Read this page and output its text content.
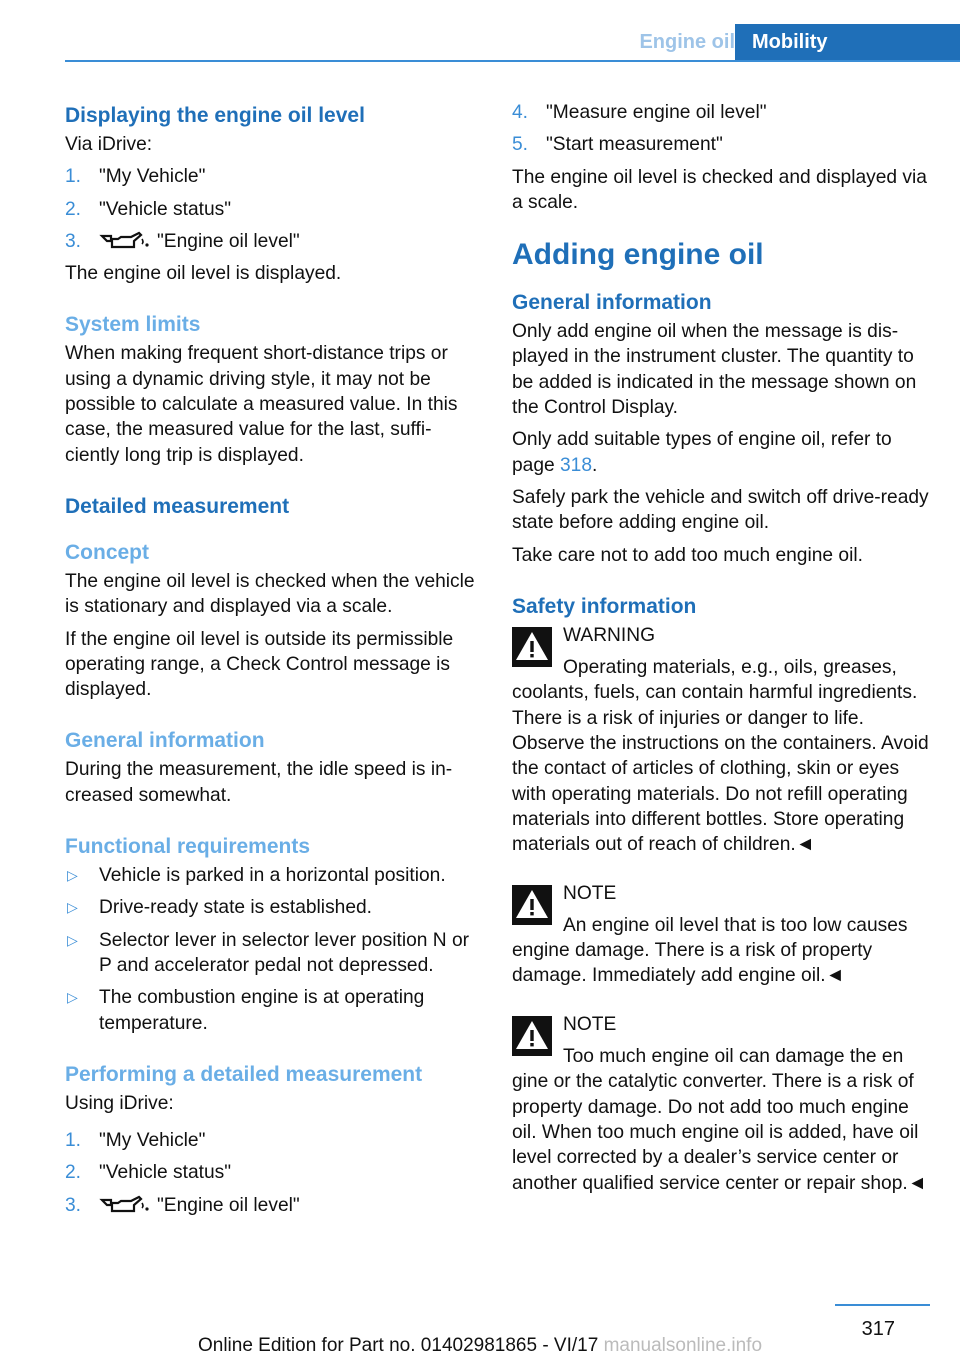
Engine oil Mobility
Displaying the engine oil level
Via iDrive:
1. "My Vehicle"
2. "Vehicle status"
3.	"Engine oil level"
The engine oil level is displayed.
System limits
When making frequent short-distance trips or using a dynamic driving style, it may not be possible to calculate a measured value. In this case, the measured value for the last, sufficiently long trip is displayed.
Detailed measurement
Concept
The engine oil level is checked when the vehicle is stationary and displayed via a scale.
If the engine oil level is outside its permissible operating range, a Check Control message is displayed.
General information
During the measurement, the idle speed is increased somewhat.
Functional requirements
▷ Vehicle is parked in a horizontal position.
▷ Drive-ready state is established.
▷ Selector lever in selector lever position N or P and accelerator pedal not depressed.
▷ The combustion engine is at operating temperature.
Performing a detailed measurement
Using iDrive:
1. "My Vehicle"
2. "Vehicle status"
3.	"Engine oil level"
4. "Measure engine oil level"
5. "Start measurement"
The engine oil level is checked and displayed via a scale.
Adding engine oil
General information
Only add engine oil when the message is displayed in the instrument cluster. The quantity to be added is indicated in the message shown on the Control Display.
Only add suitable types of engine oil, refer to page 318.
Safely park the vehicle and switch off drive-ready state before adding engine oil.
Take care not to add too much engine oil.
Safety information
WARNING
Operating materials, e.g., oils, greases,
coolants, fuels, can contain harmful ingredients. There is a risk of injuries or danger to life. Observe the instructions on the containers. Avoid the contact of articles of clothing, skin or eyes with operating materials. Do not refill operating materials into different bottles. Store operating materials out of reach of children.◄
NOTE
An engine oil level that is too low causes
engine damage. There is a risk of property damage. Immediately add engine oil.◄
NOTE
Too much engine oil can damage the en
gine or the catalytic converter. There is a risk of property damage. Do not add too much engine oil. When too much engine oil is added, have oil level corrected by a dealer’s service center or another qualified service center or repair shop.◄
317
Online Edition for Part no. 01402981865 - VI/17 manualsonline.info
